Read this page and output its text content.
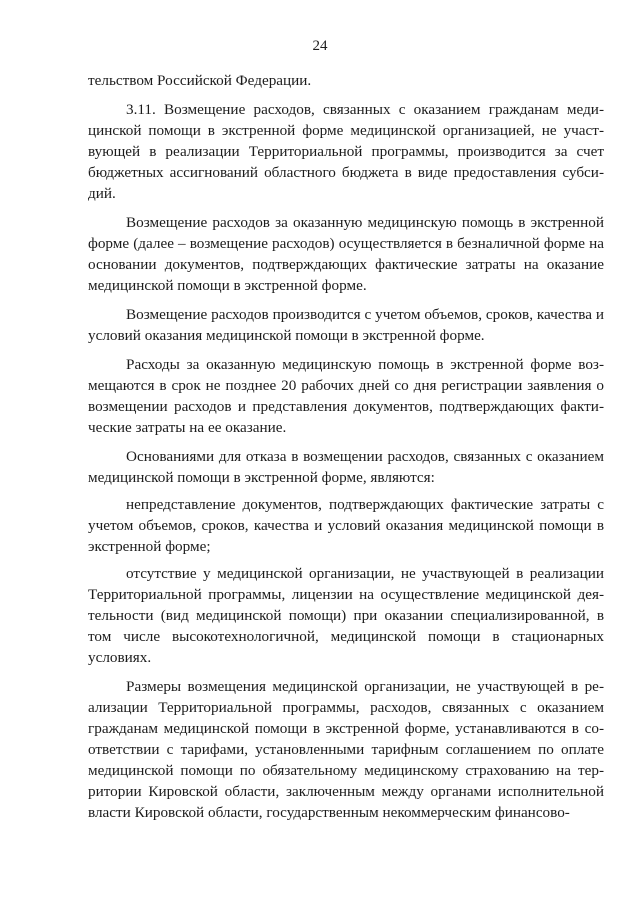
24

тельством Российской Федерации.

3.11. Возмещение расходов, связанных с оказанием гражданам медицинской помощи в экстренной форме медицинской организацией, не участвующей в реализации Территориальной программы, производится за счет бюджетных ассигнований областного бюджета в виде предоставления субсидий.

Возмещение расходов за оказанную медицинскую помощь в экстренной форме (далее – возмещение расходов) осуществляется в безналичной форме на основании документов, подтверждающих фактические затраты на оказание медицинской помощи в экстренной форме.

Возмещение расходов производится с учетом объемов, сроков, качества и условий оказания медицинской помощи в экстренной форме.

Расходы за оказанную медицинскую помощь в экстренной форме возмещаются в срок не позднее 20 рабочих дней со дня регистрации заявления о возмещении расходов и представления документов, подтверждающих фактические затраты на ее оказание.

Основаниями для отказа в возмещении расходов, связанных с оказанием медицинской помощи в экстренной форме, являются:

непредставление документов, подтверждающих фактические затраты с учетом объемов, сроков, качества и условий оказания медицинской помощи в экстренной форме;

отсутствие у медицинской организации, не участвующей в реализации Территориальной программы, лицензии на осуществление медицинской деятельности (вид медицинской помощи) при оказании специализированной, в том числе высокотехнологичной, медицинской помощи в стационарных условиях.

Размеры возмещения медицинской организации, не участвующей в реализации Территориальной программы, расходов, связанных с оказанием гражданам медицинской помощи в экстренной форме, устанавливаются в соответствии с тарифами, установленными тарифным соглашением по оплате медицинской помощи по обязательному медицинскому страхованию на территории Кировской области, заключенным между органами исполнительной власти Кировской области, государственным некоммерческим финансово-
